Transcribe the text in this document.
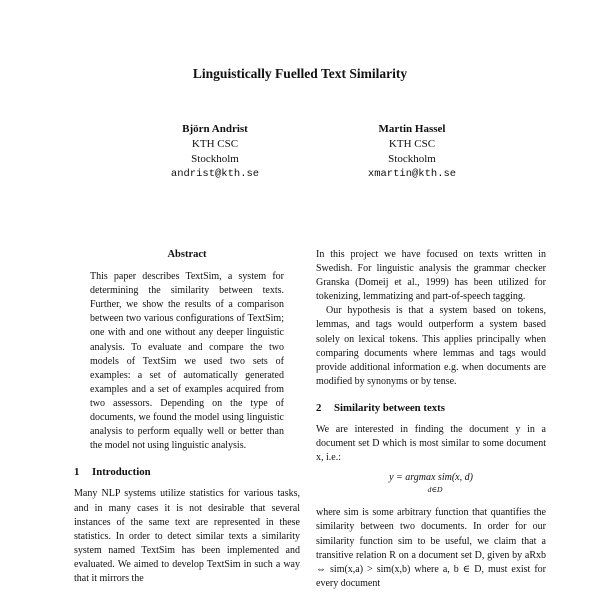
Linguistically Fuelled Text Similarity
Björn Andrist
KTH CSC
Stockholm
andrist@kth.se
Martin Hassel
KTH CSC
Stockholm
xmartin@kth.se
Abstract

This paper describes TextSim, a system for determining the similarity between texts. Further, we show the results of a comparison between two various configurations of TextSim; one with and one without any deeper linguistic analysis. To evaluate and compare the two models of TextSim we used two sets of examples: a set of automatically generated examples and a set of examples acquired from two assessors. Depending on the type of documents, we found the model using linguistic analysis to perform equally well or better than the model not using linguistic analysis.

1 Introduction

Many NLP systems utilize statistics for various tasks, and in many cases it is not desirable that several instances of the same text are represented in these statistics. In order to detect similar texts a similarity system named TextSim has been implemented and evaluated. We aimed to develop TextSim in such a way that it mirrors the

In this project we have focused on texts written in Swedish. For linguistic analysis the grammar checker Granska (Domeij et al., 1999) has been utilized for tokenizing, lemmatizing and part-of-speech tagging.

Our hypothesis is that a system based on tokens, lemmas, and tags would outperform a system based solely on lexical tokens. This applies principally when comparing documents where lemmas and tags would provide additional information e.g. when documents are modified by synonyms or by tense.

2 Similarity between texts

We are interested in finding the document y in a document set D which is most similar to some document x, i.e.:

y = argmax sim(x, d)
d∈D

where sim is some arbitrary function that quantifies the similarity between two documents. In order for our similarity function sim to be useful, we claim that a transitive relation R on a document set D, given by aRxb ⇔ sim(x,a) > sim(x,b) where a, b ∈ D, must exist for every document
